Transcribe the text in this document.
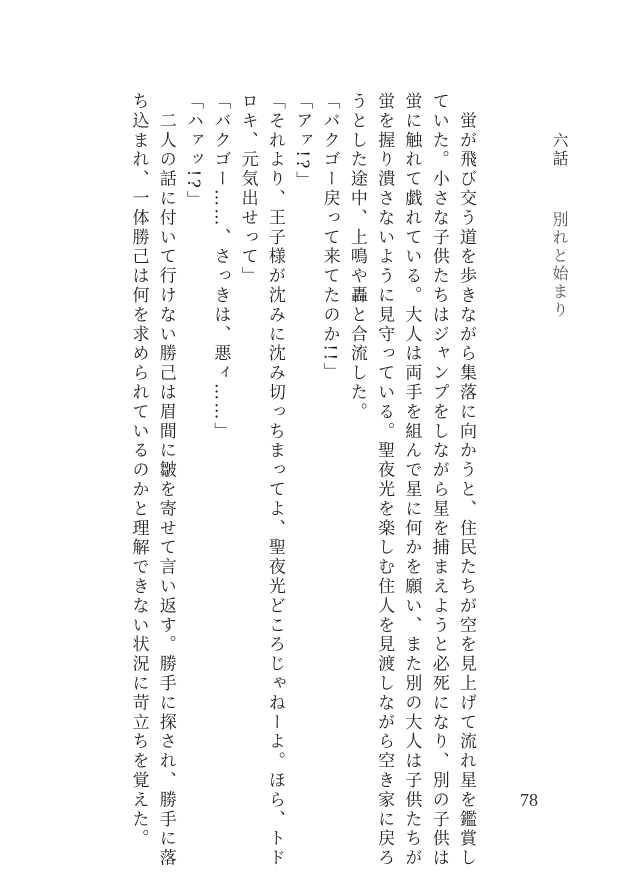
六話　 別れと始まり

　蛍が飛び交う道を歩きながら集落に向かうと、住民たちが空を見上げて流れ星を鑑賞し

ていた。小さな子供たちはジャンプをしながら星を捕まえようと必死になり、別の子供は

蛍に触れて戯れている。大人は両手を組んで星に何かを願い、また別の大人は子供たちが

蛍を握り潰さないように見守っている。聖夜光を楽しむ住人を見渡しながら空き家に戻ろ

うとした途中、上鳴や轟と合流した。

「バクゴー戻って来てたのか!!」

「アァ!?」

「それより、王子様が沈みに沈み切っちまってよ、聖夜光どころじゃねーよ。ほら、トド

ロキ、元気出せって」

「バクゴー……、さっきは、悪ィ……」

「ハァッ!?」

　二人の話に付いて行けない勝己は眉間に皺を寄せて言い返す。勝手に探され、勝手に落

ち込まれ、一体勝己は何を求められているのかと理解できない状況に苛立ちを覚えた。	78
